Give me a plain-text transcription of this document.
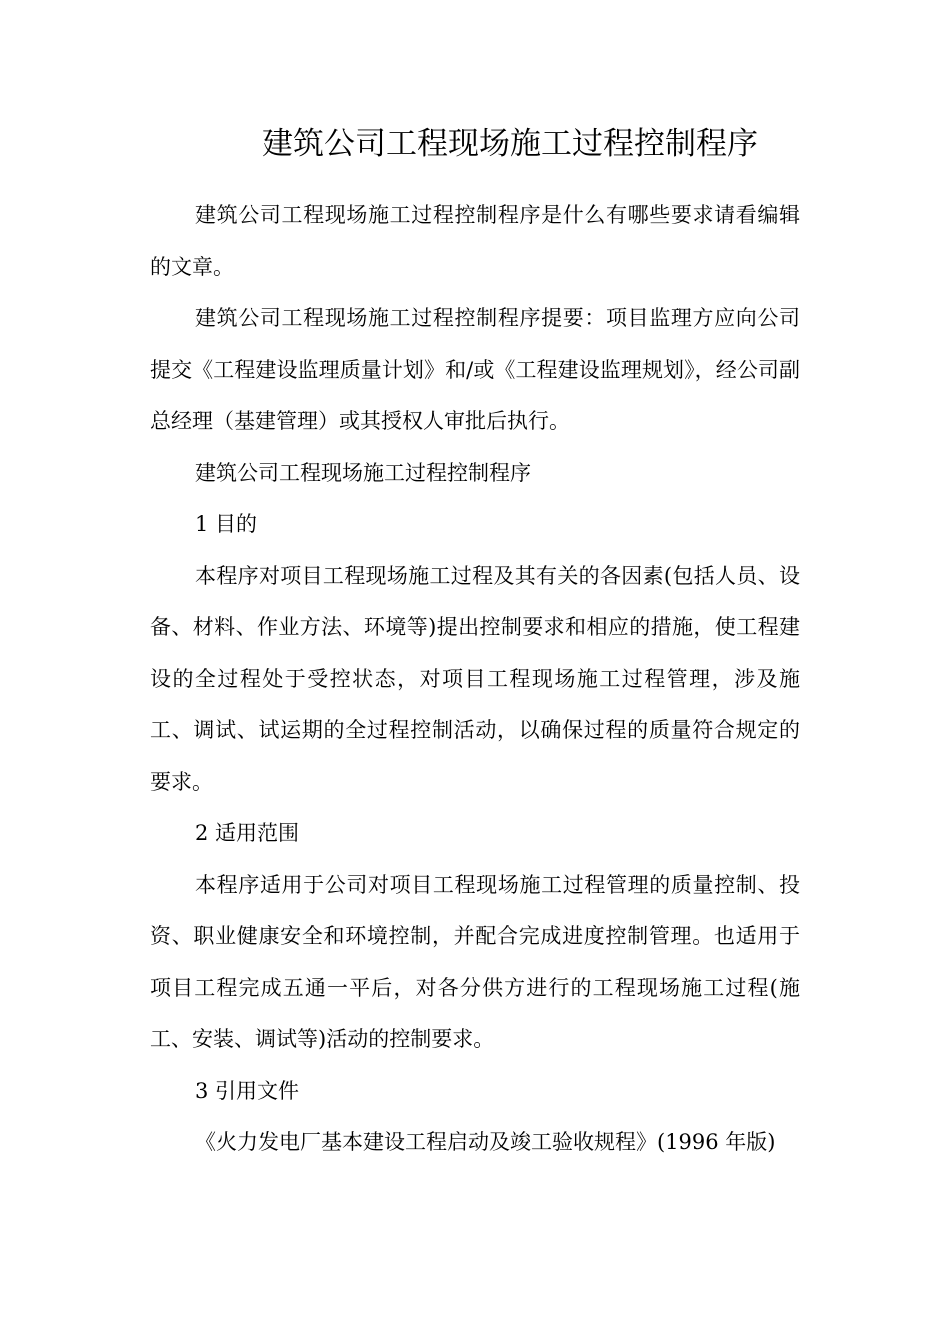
建筑公司工程现场施工过程控制程序

建筑公司工程现场施工过程控制程序是什么有哪些要求请看编辑的文章。

建筑公司工程现场施工过程控制程序提要：项目监理方应向公司提交《工程建设监理质量计划》和/或《工程建设监理规划》，经公司副总经理（基建管理）或其授权人审批后执行。

建筑公司工程现场施工过程控制程序

1 目的

本程序对项目工程现场施工过程及其有关的各因素(包括人员、设备、材料、作业方法、环境等)提出控制要求和相应的措施，使工程建设的全过程处于受控状态，对项目工程现场施工过程管理，涉及施工、调试、试运期的全过程控制活动，以确保过程的质量符合规定的要求。

2 适用范围

本程序适用于公司对项目工程现场施工过程管理的质量控制、投资、职业健康安全和环境控制，并配合完成进度控制管理。也适用于项目工程完成五通一平后，对各分供方进行的工程现场施工过程(施工、安装、调试等)活动的控制要求。

3 引用文件

《火力发电厂基本建设工程启动及竣工验收规程》(1996 年版)
